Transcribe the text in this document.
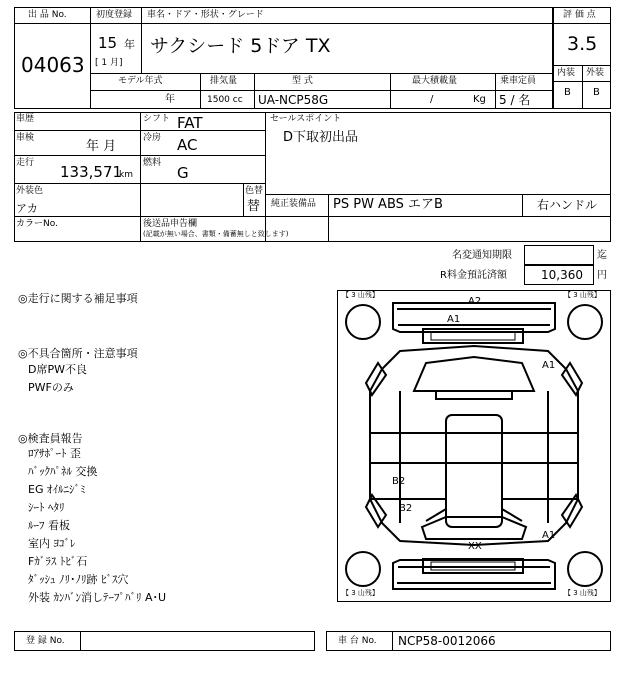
出 品 No.
04063
初度登録 車名・ドア・形状・グレード
15 年
[ 1 月]
サクシード 5ドア TX
モデル年式	排気量	型 式	最大積載量	乗車定員
年	1500 cc UA-NCP58G	/	Kg 5 / 名
評 価 点
3.5
内装 外装
B B
車歴	シフト FAT
車検
年 月
冷房 AC
走行 133,571
km
燃料
G
外装色
アカ
色替
替
セールスポイント
D下取初出品
純正装備品 PS PW ABS エアB	右ハンドル
カラーNo.	後送品申告欄
(記載が無い場合、書類・備蓄無しと致します)
名変通知期限	迄
R料金預託済額	10,360 円
◎走行に関する補足事項
◎不具合箇所・注意事項
D席PW不良
PWFのみ
◎検査員報告
ﾛｱｻﾎﾟｰﾄ 歪
ﾊﾞｯｸﾊﾟﾈﾙ 交換
EG ｵｲﾙﾆｼﾞﾐ
ｼｰﾄ ﾍﾀﾘ
ﾙｰﾌ 看板
室内 ﾖｺﾞﾚ
Fｶﾞﾗｽ ﾄﾋﾞ石
ﾀﾞｯｼｭ ﾉﾘ･ﾉﾘ跡 ﾋﾞｽ穴
外装 ｶﾝﾊﾞﾝ消しﾃｰﾌﾟﾊﾞﾘ A･U
【 3 山残】	【 3 山残】
【 3 山残】	【 3 山残】
A2
A1
A1
B2
B2
XX
A1
登 録 No.	車 台 No. NCP58-0012066
